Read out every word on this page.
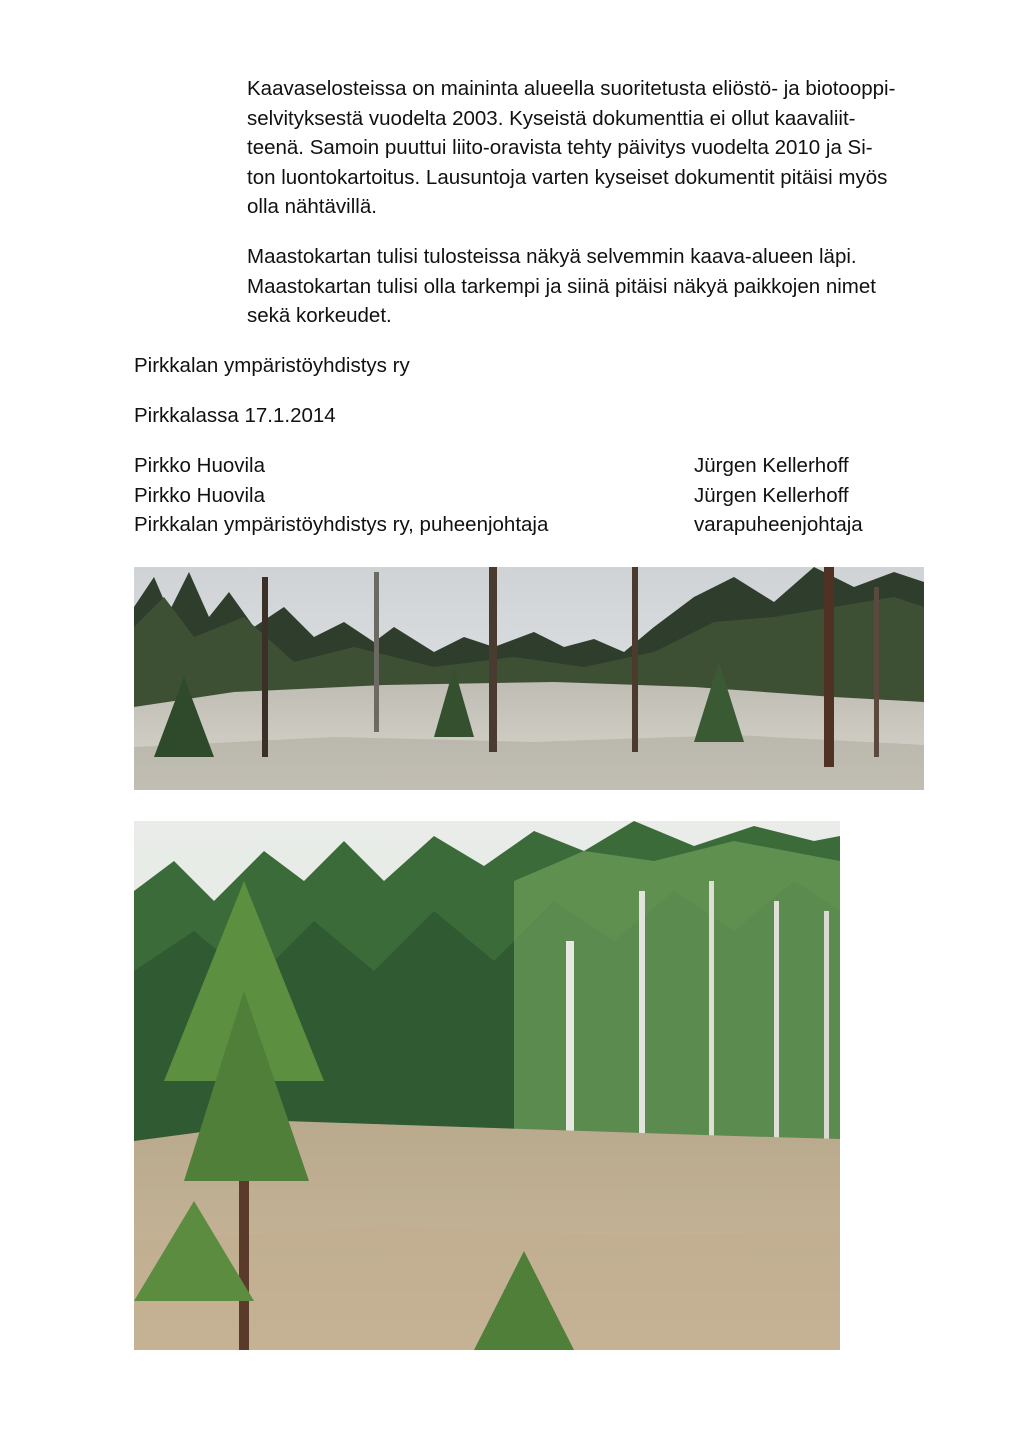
Kaavaselosteissa on maininta alueella suoritetusta eliöstö- ja biotooppi-
selvityksestä vuodelta 2003. Kyseistä dokumenttia ei ollut kaavaliit-
teenä. Samoin puuttui liito-oravista tehty päivitys vuodelta 2010 ja Si-
ton luontokartoitus. Lausuntoja varten kyseiset dokumentit pitäisi myös
olla nähtävillä.

Maastokartan tulisi tulosteissa näkyä selvemmin kaava-alueen läpi.
Maastokartan tulisi olla tarkempi ja siinä pitäisi näkyä paikkojen nimet
sekä korkeudet.

Pirkkalan ympäristöyhdistys ry
Pirkkalassa 17.1.2014
Pirkko Huovila
Pirkko Huovila
Pirkkalan ympäristöyhdistys ry, puheenjohtaja
Jürgen Kellerhoff
Jürgen Kellerhoff
varapuheenjohtaja
